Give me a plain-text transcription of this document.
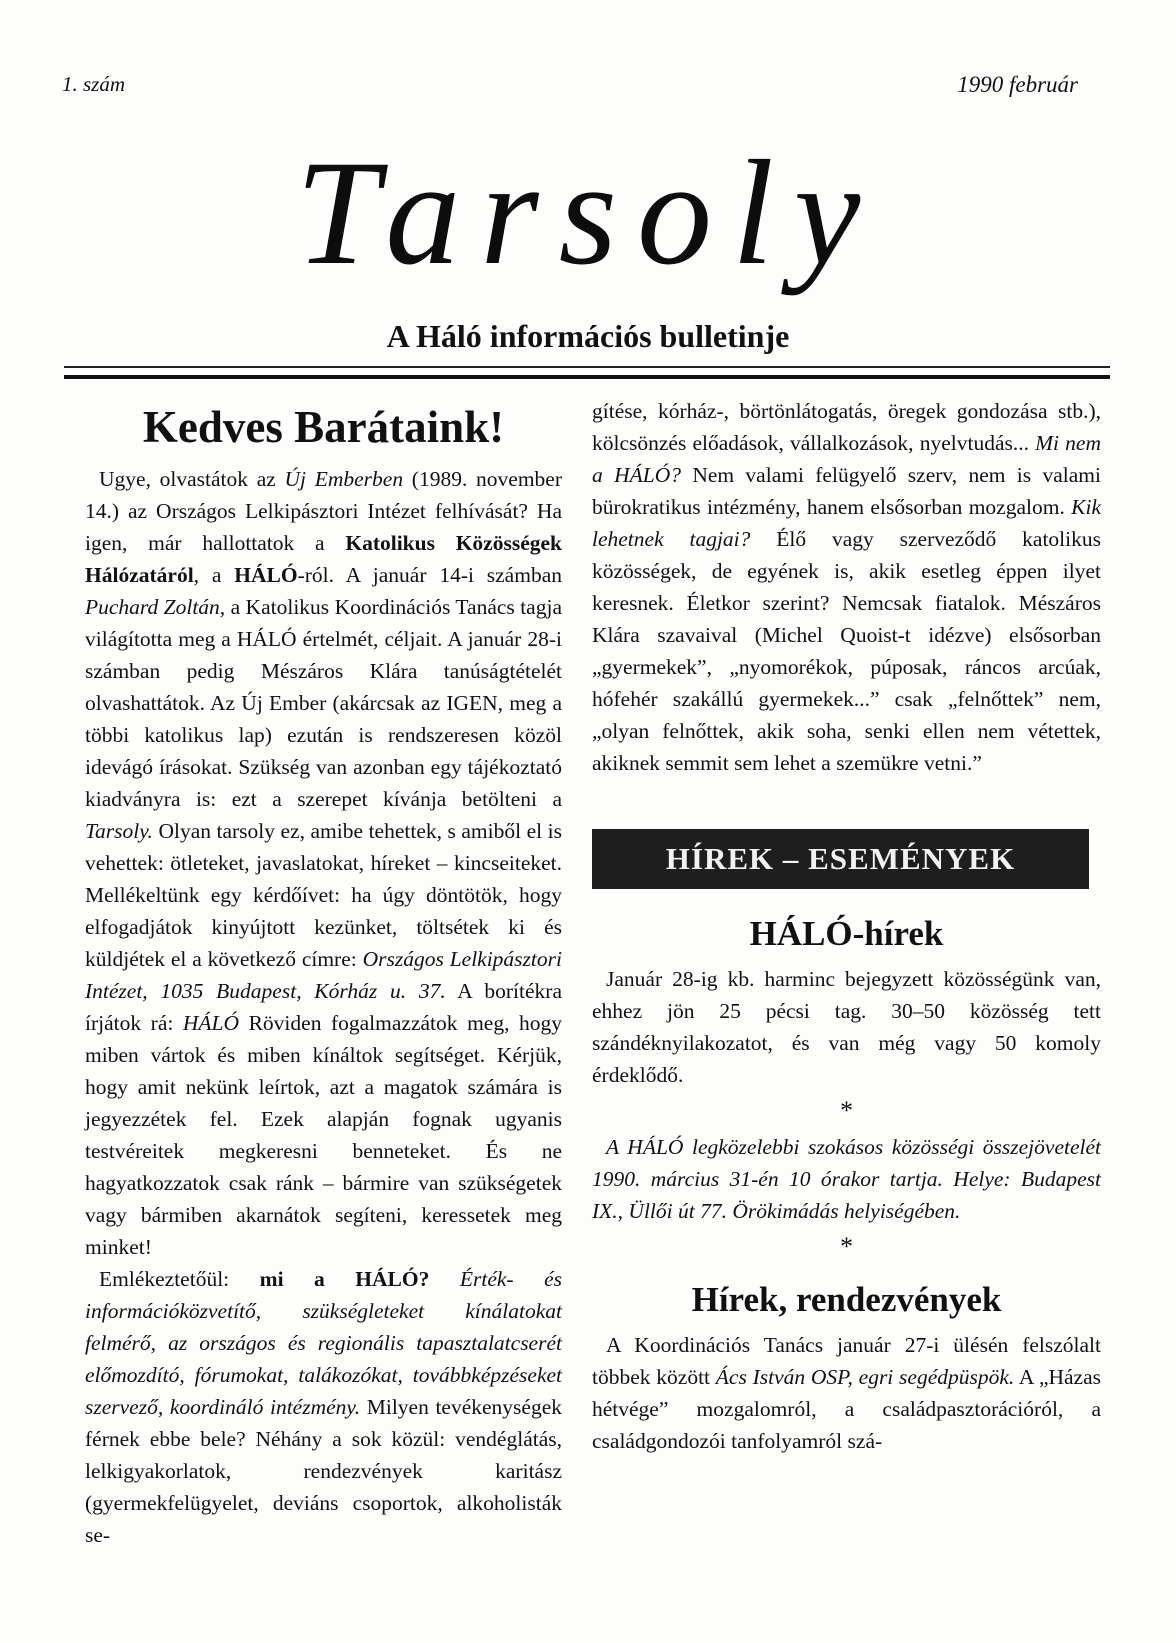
1. szám	1990 február
Tarsoly
A Háló információs bulletinje
Kedves Barátaink!

Ugye, olvastátok az Új Emberben (1989. november 14.) az Országos Lelkipásztori Intézet felhívását? Ha igen, már hallottatok a Katolikus Közösségek Hálózatáról, a HÁLÓ-ról. A január 14-i számban Puchard Zoltán, a Katolikus Koordinációs Tanács tagja világította meg a HÁLÓ értelmét, céljait. A január 28-i számban pedig Mészáros Klára tanúságtételét olvashattátok. Az Új Ember (akárcsak az IGEN, meg a többi katolikus lap) ezután is rendszeresen közöl idevágó írásokat. Szükség van azonban egy tájékoztató kiadványra is: ezt a szerepet kívánja betölteni a Tarsoly. Olyan tarsoly ez, amibe tehettek, s amiből el is vehettek: ötleteket, javaslatokat, híreket – kincseiteket. Mellékeltünk egy kérdőívet: ha úgy döntötök, hogy elfogadjátok kinyújtott kezünket, töltsétek ki és küldjétek el a következő címre: Országos Lelkipásztori Intézet, 1035 Budapest, Kórház u. 37. A borítékra írjátok rá: HÁLÓ Röviden fogalmazzátok meg, hogy miben vártok és miben kínáltok segítséget. Kérjük, hogy amit nekünk leírtok, azt a magatok számára is jegyezzétek fel. Ezek alapján fognak ugyanis testvéreitek megkeresni benneteket. És ne hagyatkozzatok csak ránk – bármire van szükségetek vagy bármiben akarnátok segíteni, keressetek meg minket!

Emlékeztetőül: mi a HÁLÓ? Érték- és információközvetítő, szükségleteket kínálatokat felmérő, az országos és regionális tapasztalatcserét előmozdító, fórumokat, talákozókat, továbbképzéseket szervező, koordináló intézmény. Milyen tevékenységek férnek ebbe bele? Néhány a sok közül: vendéglátás, lelkigyakorlatok, rendezvények karitász (gyermekfelügyelet, deviáns csoportok, alkoholisták se-

gítése, kórház-, börtönlátogatás, öregek gondozása stb.), kölcsönzés előadások, vállalkozások, nyelvtudás... Mi nem a HÁLÓ? Nem valami felügyelő szerv, nem is valami bürokratikus intézmény, hanem elsősorban mozgalom. Kik lehetnek tagjai? Élő vagy szerveződő katolikus közösségek, de egyének is, akik esetleg éppen ilyet keresnek. Életkor szerint? Nemcsak fiatalok. Mészáros Klára szavaival (Michel Quoist-t idézve) elsősorban „gyermekek”, „nyomorékok, púposak, ráncos arcúak, hófehér szakállú gyermekek...” csak „felnőttek” nem, „olyan felnőttek, akik soha, senki ellen nem vétettek, akiknek semmit sem lehet a szemükre vetni.”

HÍREK – ESEMÉNYEK
HÁLÓ-hírek

Január 28-ig kb. harminc bejegyzett közösségünk van, ehhez jön 25 pécsi tag. 30–50 közösség tett szándéknyilakozatot, és van még vagy 50 komoly érdeklődő.

*

A HÁLÓ legközelebbi szokásos közösségi összejövetelét 1990. március 31-én 10 órakor tartja. Helye: Budapest IX., Üllői út 77. Örökimádás helyiségében.

*
Hírek, rendezvények

A Koordinációs Tanács január 27-i ülésén felszólalt többek között Ács István OSP, egri segédpüspök. A „Házas hétvége” mozgalomról, a családpasztorációról, a családgondozói tanfolyamról szá-
